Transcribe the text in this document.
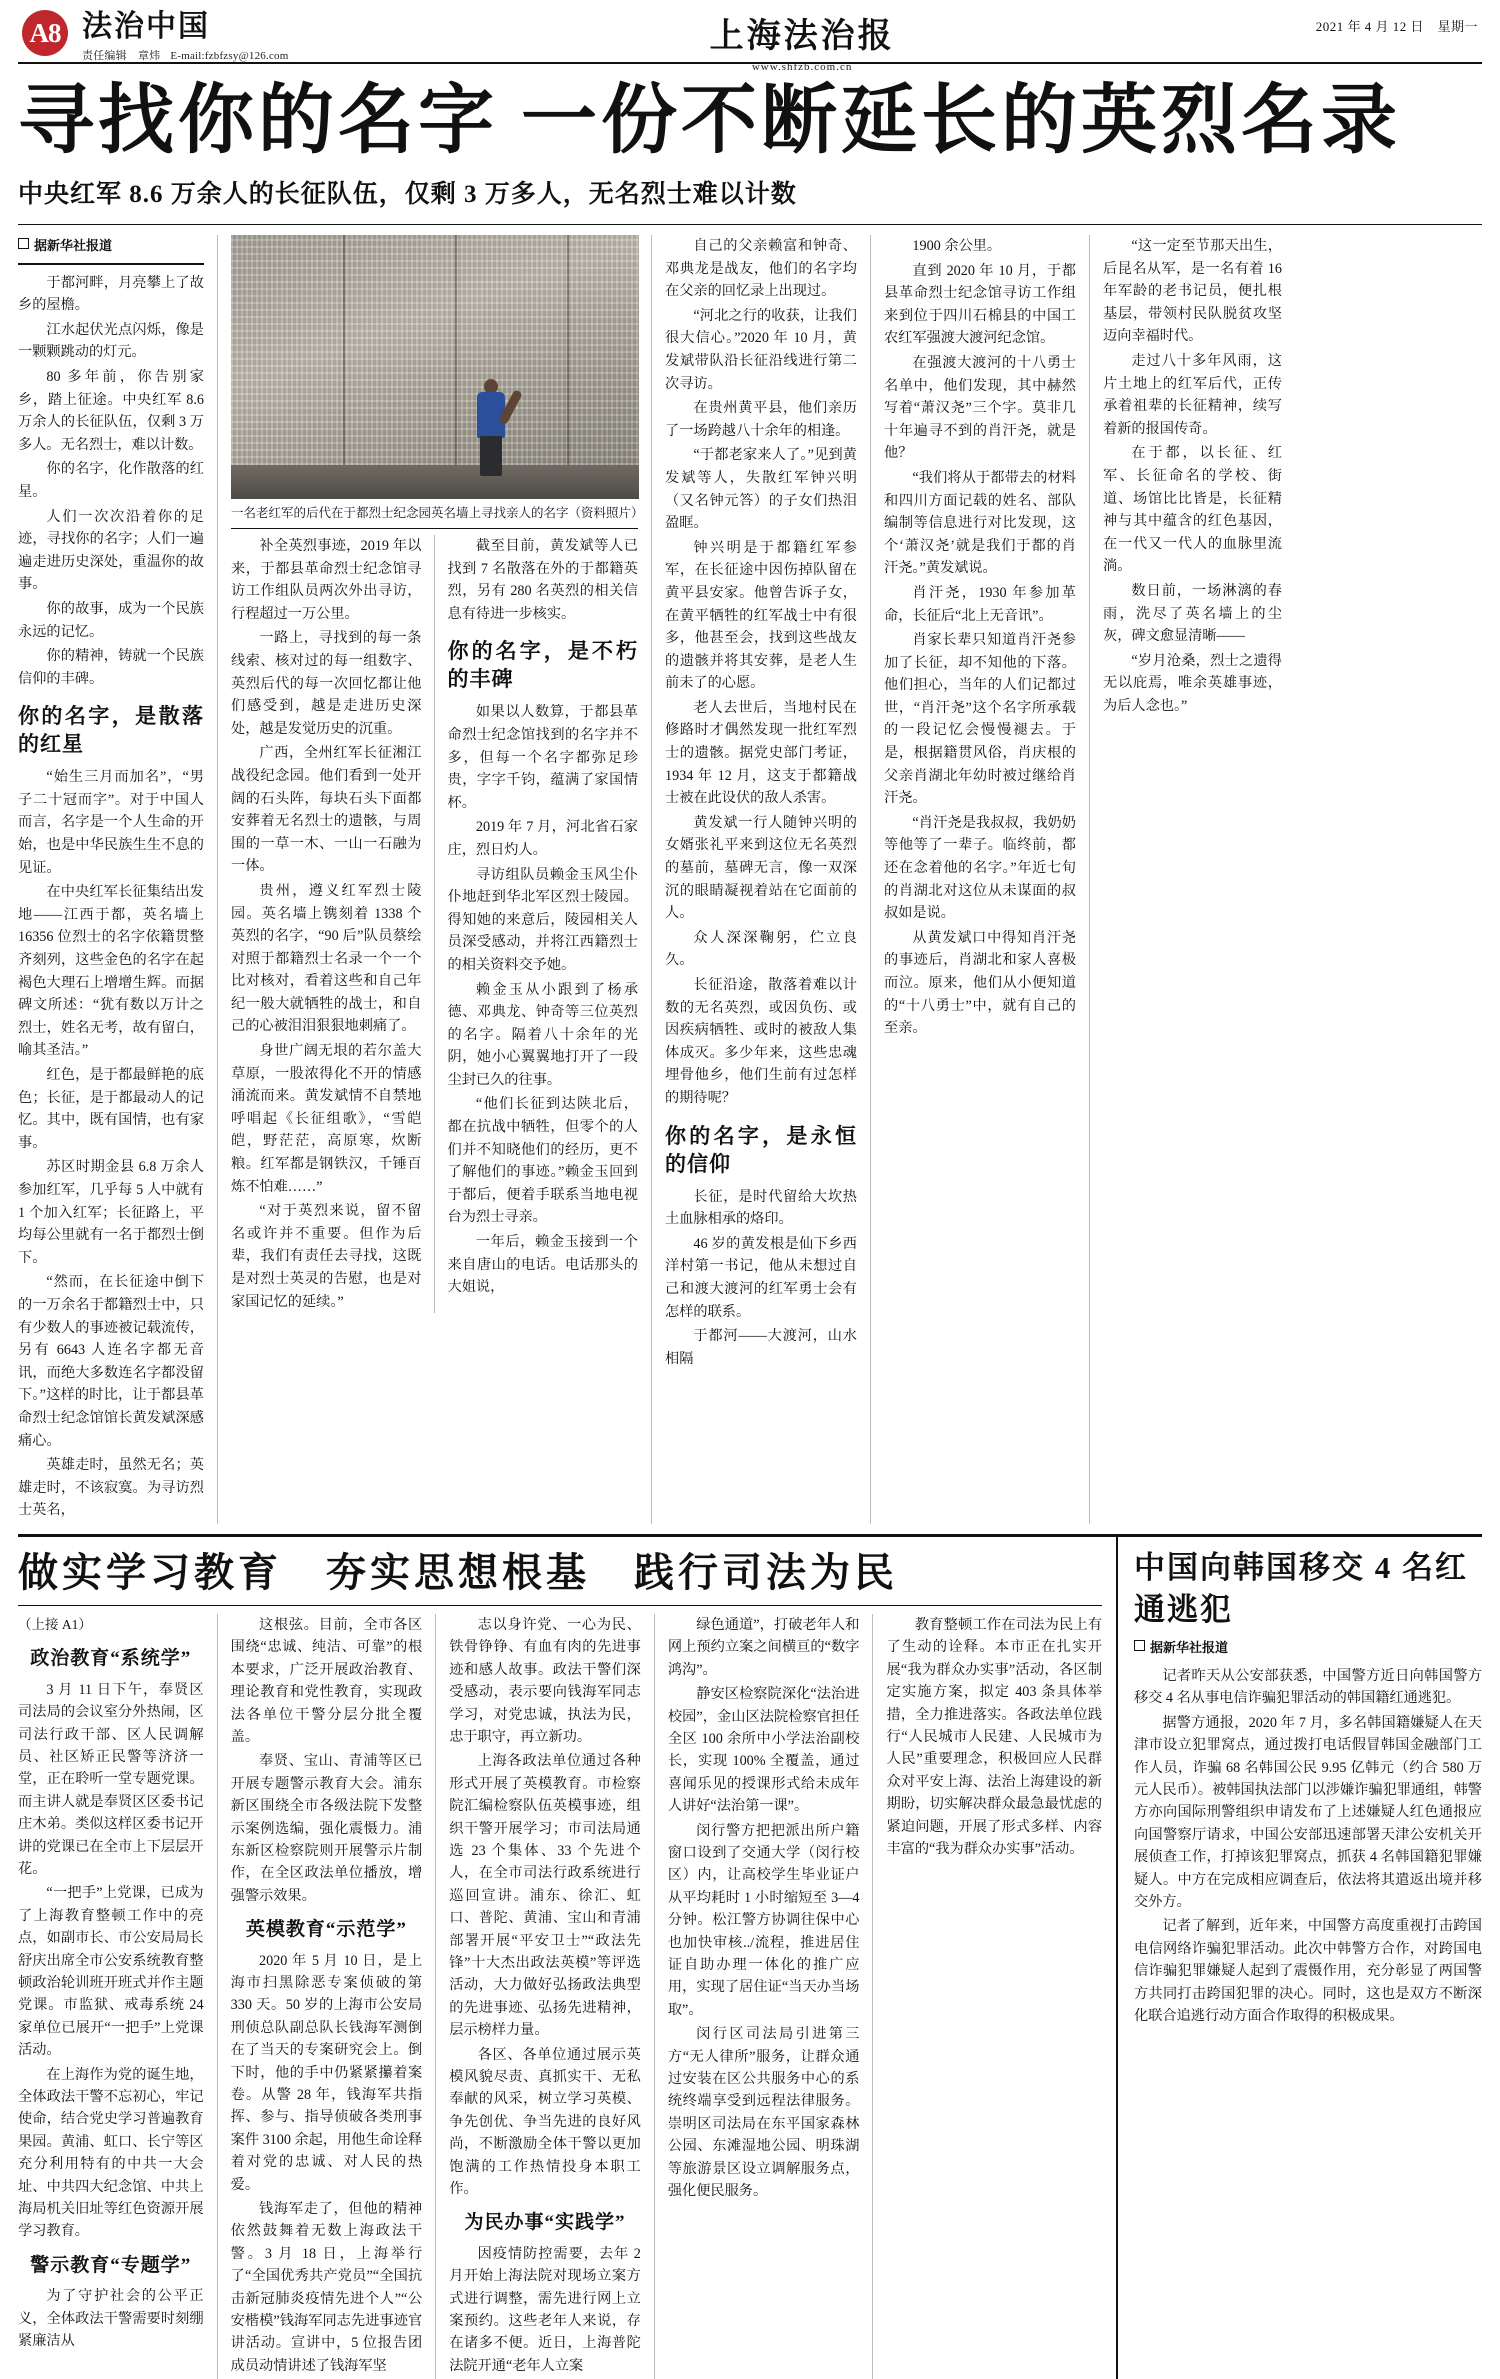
A8 法治中国
责任编辑　章炜 E-mail:fzbfzsy@126.com
上海法治报
www.shfzb.com.cn
2021 年 4 月 12 日　星期一
寻找你的名字 一份不断延长的英烈名录
中央红军 8.6 万余人的长征队伍，仅剩 3 万多人，无名烈士难以计数
据新华社报道

于都河畔，月亮攀上了故乡的屋檐。

江水起伏光点闪烁，像是一颗颗跳动的灯元。

80 多年前，你告别家乡，踏上征途。中央红军 8.6 万余人的长征队伍，仅剩 3 万多人。无名烈士，难以计数。

你的名字，化作散落的红星。

人们一次次沿着你的足迹，寻找你的名字；人们一遍遍走进历史深处，重温你的故事。

你的故事，成为一个民族永远的记忆。

你的精神，铸就一个民族信仰的丰碑。

你的名字，是散落的红星

“始生三月而加名”，“男子二十冠而字”。对于中国人而言，名字是一个人生命的开始，也是中华民族生生不息的见证。

在中央红军长征集结出发地——江西于都，英名墙上 16356 位烈士的名字依籍贯整齐刻列，这些金色的名字在起褐色大理石上增增生辉。而据碑文所述：“犹有数以万计之烈士，姓名无考，故有留白，喻其圣洁。”

红色，是于都最鲜艳的底色；长征，是于都最动人的记忆。其中，既有国情，也有家事。

苏区时期金县 6.8 万余人参加红军，几乎每 5 人中就有 1 个加入红军；长征路上，平均每公里就有一名于都烈士倒下。

“然而，在长征途中倒下的一万余名于都籍烈士中，只有少数人的事迹被记载流传，另有 6643 人连名字都无音讯，而绝大多数连名字都没留下。”这样的时比，让于都县革命烈士纪念馆馆长黄发斌深感痛心。

英雄走时，虽然无名；英雄走时，不该寂寞。为寻访烈士英名，

一名老红军的后代在于都烈士纪念园英名墙上寻找亲人的名字（资料照片）

补全英烈事迹，2019 年以来，于都县革命烈士纪念馆寻访工作组队员两次外出寻访，行程超过一万公里。

一路上，寻找到的每一条线索、核对过的每一组数字、英烈后代的每一次回忆都让他们感受到，越是走进历史深处，越是发觉历史的沉重。

广西，全州红军长征湘江战役纪念园。他们看到一处开阔的石头阵，每块石头下面都安葬着无名烈士的遗骸，与周围的一草一木、一山一石融为一体。

贵州，遵义红军烈士陵园。英名墙上镌刻着 1338 个英烈的名字，“90 后”队员蔡绘对照于都籍烈士名录一个一个比对核对，看着这些和自己年纪一般大就牺牲的战士，和自己的心被泪泪狠狠地刺痛了。

身世广阔无垠的若尔盖大草原，一股浓得化不开的情感涌流而来。黄发斌情不自禁地呼唱起《长征组歌》，“雪皑皑，野茫茫，高原寒，炊断粮。红军都是钢铁汉，千锤百炼不怕难……”

“对于英烈来说，留不留名或许并不重要。但作为后辈，我们有责任去寻找，这既是对烈士英灵的告慰，也是对家国记忆的延续。”

截至目前，黄发斌等人已找到 7 名散落在外的于都籍英烈，另有 280 名英烈的相关信息有待进一步核实。

你的名字，是不朽的丰碑

如果以人数算，于都县革命烈士纪念馆找到的名字并不多，但每一个名字都弥足珍贵，字字千钧，蕴满了家国情杯。

2019 年 7 月，河北省石家庄，烈日灼人。

寻访组队员赖金玉风尘仆仆地赶到华北军区烈士陵园。得知她的来意后，陵园相关人员深受感动，并将江西籍烈士的相关资料交予她。

赖金玉从小跟到了杨承德、邓典龙、钟奇等三位英烈的名字。隔着八十余年的光阴，她小心翼翼地打开了一段尘封已久的往事。

“他们长征到达陕北后，都在抗战中牺牲，但零个的人们并不知晓他们的经历，更不了解他们的事迹。”赖金玉回到于都后，便着手联系当地电视台为烈士寻亲。

一年后，赖金玉接到一个来自唐山的电话。电话那头的大姐说，

自己的父亲赖富和钟奇、邓典龙是战友，他们的名字均在父亲的回忆录上出现过。

“河北之行的收获，让我们很大信心。”2020 年 10 月，黄发斌带队沿长征沿线进行第二次寻访。

在贵州黄平县，他们亲历了一场跨越八十余年的相逢。

“于都老家来人了。”见到黄发斌等人，失散红军钟兴明（又名钟元答）的子女们热泪盈眶。

钟兴明是于都籍红军参军，在长征途中因伤掉队留在黄平县安家。他曾告诉子女，在黄平牺牲的红军战士中有很多，他甚至会，找到这些战友的遗骸并将其安葬，是老人生前未了的心愿。

老人去世后，当地村民在修路时才偶然发现一批红军烈士的遗骸。据党史部门考证，1934 年 12 月，这支于都籍战士被在此设伏的敌人杀害。

黄发斌一行人随钟兴明的女婿张礼平来到这位无名英烈的墓前，墓碑无言，像一双深沉的眼睛凝视着站在它面前的人。

众人深深鞠躬，伫立良久。

长征沿途，散落着难以计数的无名英烈，或因负伤、或因疾病牺牲、或时的被敌人集体成灭。多少年来，这些忠魂埋骨他乡，他们生前有过怎样的期待呢？

你的名字，是永恒的信仰

长征，是时代留给大坎热土血脉相承的烙印。

46 岁的黄发根是仙下乡西洋村第一书记，他从未想过自己和渡大渡河的红军勇士会有怎样的联系。

于都河——大渡河，山水相隔

1900 余公里。

直到 2020 年 10 月，于都县革命烈士纪念馆寻访工作组来到位于四川石棉县的中国工农红军强渡大渡河纪念馆。

在强渡大渡河的十八勇士名单中，他们发现，其中赫然写着“萧汉尧”三个字。莫非几十年遍寻不到的肖汗尧，就是他？

“我们将从于都带去的材料和四川方面记载的姓名、部队编制等信息进行对比发现，这个‘萧汉尧’就是我们于都的肖汗尧。”黄发斌说。

肖汗尧，1930 年参加革命，长征后“北上无音讯”。

肖家长辈只知道肖汗尧参加了长征，却不知他的下落。他们担心，当年的人们记都过世，“肖汗尧”这个名字所承载的一段记忆会慢慢褪去。于是，根据籍贯风俗，肖庆根的父亲肖湖北年幼时被过继给肖汗尧。

“肖汗尧是我叔叔，我奶奶等他等了一辈子。临终前，都还在念着他的名字。”年近七旬的肖湖北对这位从未谋面的叔叔如是说。

从黄发斌口中得知肖汗尧的事迹后，肖湖北和家人喜极而泣。原来，他们从小便知道的“十八勇士”中，就有自己的至亲。

“这一定至节那天出生，后昆名从军，是一名有着 16 年军龄的老书记员，便扎根基层，带领村民队脱贫攻坚迈向幸福时代。

走过八十多年风雨，这片土地上的红军后代，正传承着祖辈的长征精神，续写着新的报国传奇。

在于都，以长征、红军、长征命名的学校、街道、场馆比比皆是，长征精神与其中蕴含的红色基因，在一代又一代人的血脉里流淌。

数日前，一场淋漓的春雨，洗尽了英名墙上的尘灰，碑文愈显清晰——

“岁月沧桑，烈士之遗得无以庇焉，唯余英雄事迹，为后人念也。”

做实学习教育　夯实思想根基　践行司法为民
（上接 A1）
政治教育“系统学”

3 月 11 日下午，奉贤区司法局的会议室分外热闹，区司法行政干部、区人民调解员、社区矫正民警等济济一堂，正在聆听一堂专题党课。而主讲人就是奉贤区区委书记庄木弟。类似这样区委书记开讲的党课已在全市上下层层开花。

“一把手”上党课，已成为了上海教育整顿工作中的亮点，如副市长、市公安局局长舒庆出席全市公安系统教育整顿政治轮训班开班式并作主题党课。市监狱、戒毒系统 24 家单位已展开“一把手”上党课活动。

在上海作为党的诞生地，全体政法干警不忘初心，牢记使命，结合党史学习普遍教育果园。黄浦、虹口、长宁等区充分利用特有的中共一大会址、中共四大纪念馆、中共上海局机关旧址等红色资源开展学习教育。

警示教育“专题学”

为了守护社会的公平正义，全体政法干警需要时刻绷紧廉洁从

这根弦。目前，全市各区围绕“忠诚、纯洁、可靠”的根本要求，广泛开展政治教育、理论教育和党性教育，实现政法各单位干警分层分批全覆盖。

奉贤、宝山、青浦等区已开展专题警示教育大会。浦东新区围绕全市各级法院下发整示案例选编，强化震慑力。浦东新区检察院则开展警示片制作，在全区政法单位播放，增强警示效果。

英模教育“示范学”

2020 年 5 月 10 日，是上海市扫黑除恶专案侦破的第 330 天。50 岁的上海市公安局刑侦总队副总队长钱海军测倒在了当天的专案研究会上。倒下时，他的手中仍紧紧攥着案卷。从警 28 年，钱海军共指挥、参与、指导侦破各类刑事案件 3100 余起，用他生命诠释着对党的忠诚、对人民的热爱。

钱海军走了，但他的精神依然鼓舞着无数上海政法干警。3 月 18 日，上海举行了“全国优秀共产党员”“全国抗击新冠肺炎疫情先进个人”“公安楷模”钱海军同志先进事迹官讲活动。宣讲中，5 位报告团成员动情讲述了钱海军坚

志以身许党、一心为民、铁骨铮铮、有血有肉的先进事迹和感人故事。政法干警们深受感动，表示要向钱海军同志学习，对党忠诚，执法为民，忠于职守，再立新功。

上海各政法单位通过各种形式开展了英模教育。市检察院汇编检察队伍英模事迹，组织干警开展学习；市司法局通选 23 个集体、33 个先进个人，在全市司法行政系统进行巡回宣讲。浦东、徐汇、虹口、普陀、黄浦、宝山和青浦部署开展“平安卫士”“政法先锋”十大杰出政法英模”等评选活动，大力做好弘扬政法典型的先进事迹、弘扬先进精神，层示榜样力量。

各区、各单位通过展示英模风貌尽责、真抓实干、无私奉献的风采，树立学习英模、争先创优、争当先进的良好风尚，不断激励全体干警以更加饱满的工作热情投身本职工作。

为民办事“实践学”

因疫情防控需要，去年 2 月开始上海法院对现场立案方式进行调整，需先进行网上立案预约。这些老年人来说，存在诸多不便。近日，上海普陀法院开通“老年人立案

绿色通道”，打破老年人和网上预约立案之间横亘的“数字鸿沟”。

静安区检察院深化“法治进校园”，金山区法院检察官担任全区 100 余所中小学法治副校长，实现 100% 全覆盖，通过喜闻乐见的授课形式给未成年人讲好“法治第一课”。

闵行警方把把派出所户籍窗口设到了交通大学（闵行校区）内，让高校学生毕业证户从平均耗时 1 小时缩短至 3—4 分钟。松江警方协调往保中心也加快审核../流程，推进居住证自助办理一体化的推广应用，实现了居住证“当天办当场取”。

闵行区司法局引进第三方“无人律所”服务，让群众通过安装在区公共服务中心的系统终端享受到远程法律服务。崇明区司法局在东平国家森林公园、东滩湿地公园、明珠湖等旅游景区设立调解服务点，强化便民服务。

教育整顿工作在司法为民上有了生动的诠释。本市正在扎实开展“我为群众办实事”活动，各区制定实施方案，拟定 403 条具体举措，全力推进落实。各政法单位践行“人民城市人民建、人民城市为人民”重要理念，积极回应人民群众对平安上海、法治上海建设的新期盼，切实解决群众最急最忧虑的紧迫问题，开展了形式多样、内容丰富的“我为群众办实事”活动。

中国向韩国移交 4 名红通逃犯
据新华社报道

记者昨天从公安部获悉，中国警方近日向韩国警方移交 4 名从事电信诈骗犯罪活动的韩国籍红通逃犯。

据警方通报，2020 年 7 月，多名韩国籍嫌疑人在天津市设立犯罪窝点，通过拨打电话假冒韩国金融部门工作人员，诈骗 68 名韩国公民 9.95 亿韩元（约合 580 万元人民币）。被韩国执法部门以涉嫌诈骗犯罪通组，韩警方亦向国际刑警组织申请发布了上述嫌疑人红色通报应向国警察厅请求，中国公安部迅速部署天津公安机关开展侦查工作，打掉该犯罪窝点，抓获 4 名韩国籍犯罪嫌疑人。中方在完成相应调查后，依法将其遣返出境并移交外方。

记者了解到，近年来，中国警方高度重视打击跨国电信网络诈骗犯罪活动。此次中韩警方合作，对跨国电信诈骗犯罪嫌疑人起到了震慑作用，充分彰显了两国警方共同打击跨国犯罪的决心。同时，这也是双方不断深化联合追逃行动方面合作取得的积极成果。
